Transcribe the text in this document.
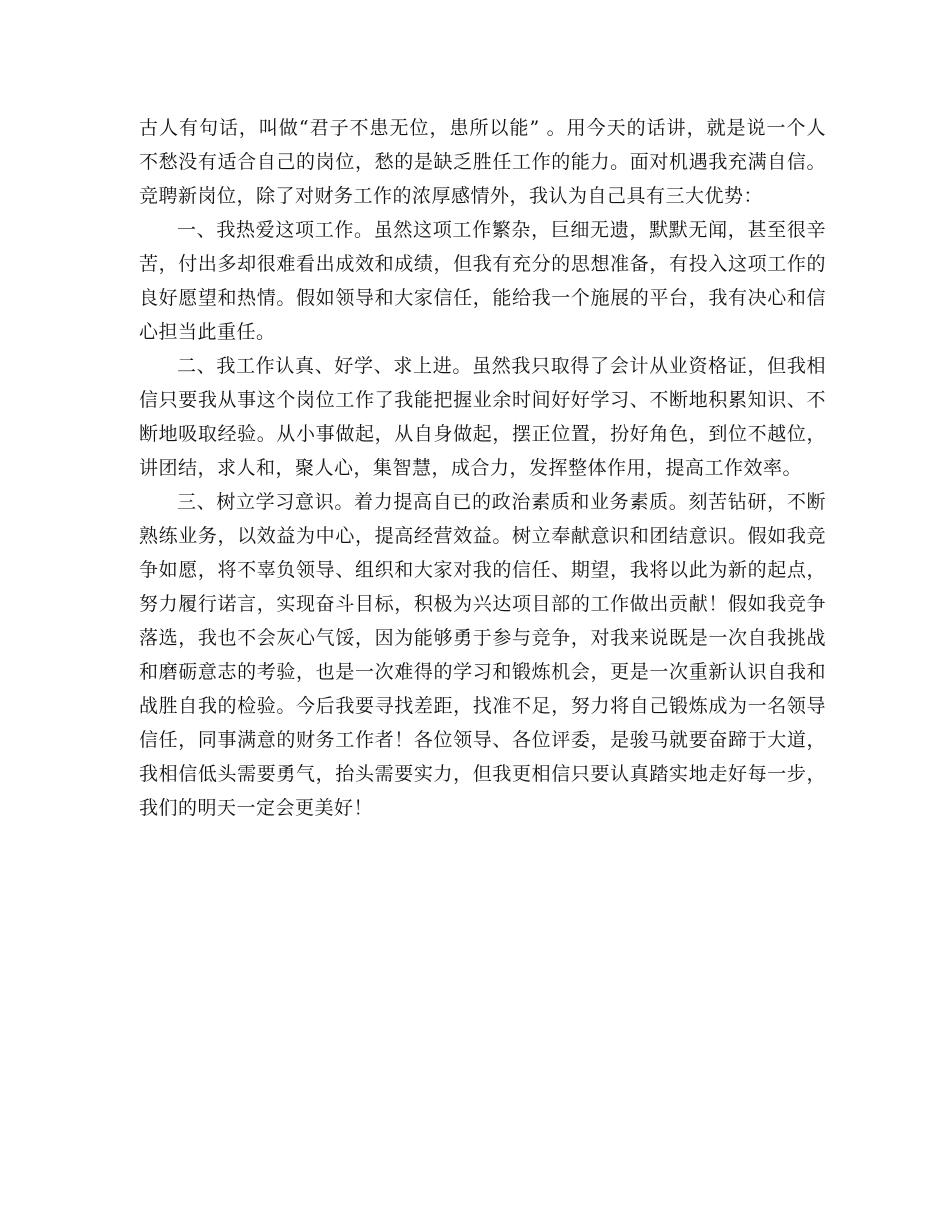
古人有句话，叫做“君子不患无位，患所以能” 。用今天的话讲，就是说一个人不愁没有适合自己的岗位，愁的是缺乏胜任工作的能力。面对机遇我充满自信。竞聘新岗位，除了对财务工作的浓厚感情外，我认为自己具有三大优势：

一、我热爱这项工作。虽然这项工作繁杂，巨细无遗，默默无闻，甚至很辛苦，付出多却很难看出成效和成绩，但我有充分的思想准备，有投入这项工作的良好愿望和热情。假如领导和大家信任，能给我一个施展的平台，我有决心和信心担当此重任。

二、我工作认真、好学、求上进。虽然我只取得了会计从业资格证，但我相信只要我从事这个岗位工作了我能把握业余时间好好学习、不断地积累知识、不断地吸取经验。从小事做起，从自身做起，摆正位置，扮好角色，到位不越位，讲团结，求人和，聚人心，集智慧，成合力，发挥整体作用，提高工作效率。

三、树立学习意识。着力提高自已的政治素质和业务素质。刻苦钻研，不断熟练业务，以效益为中心，提高经营效益。树立奉献意识和团结意识。假如我竞争如愿，将不辜负领导、组织和大家对我的信任、期望，我将以此为新的起点，努力履行诺言，实现奋斗目标，积极为兴达项目部的工作做出贡献！假如我竞争落选，我也不会灰心气馁，因为能够勇于参与竞争，对我来说既是一次自我挑战和磨砺意志的考验，也是一次难得的学习和锻炼机会，更是一次重新认识自我和战胜自我的检验。今后我要寻找差距，找准不足，努力将自己锻炼成为一名领导信任，同事满意的财务工作者！各位领导、各位评委，是骏马就要奋蹄于大道，我相信低头需要勇气，抬头需要实力，但我更相信只要认真踏实地走好每一步，我们的明天一定会更美好！
